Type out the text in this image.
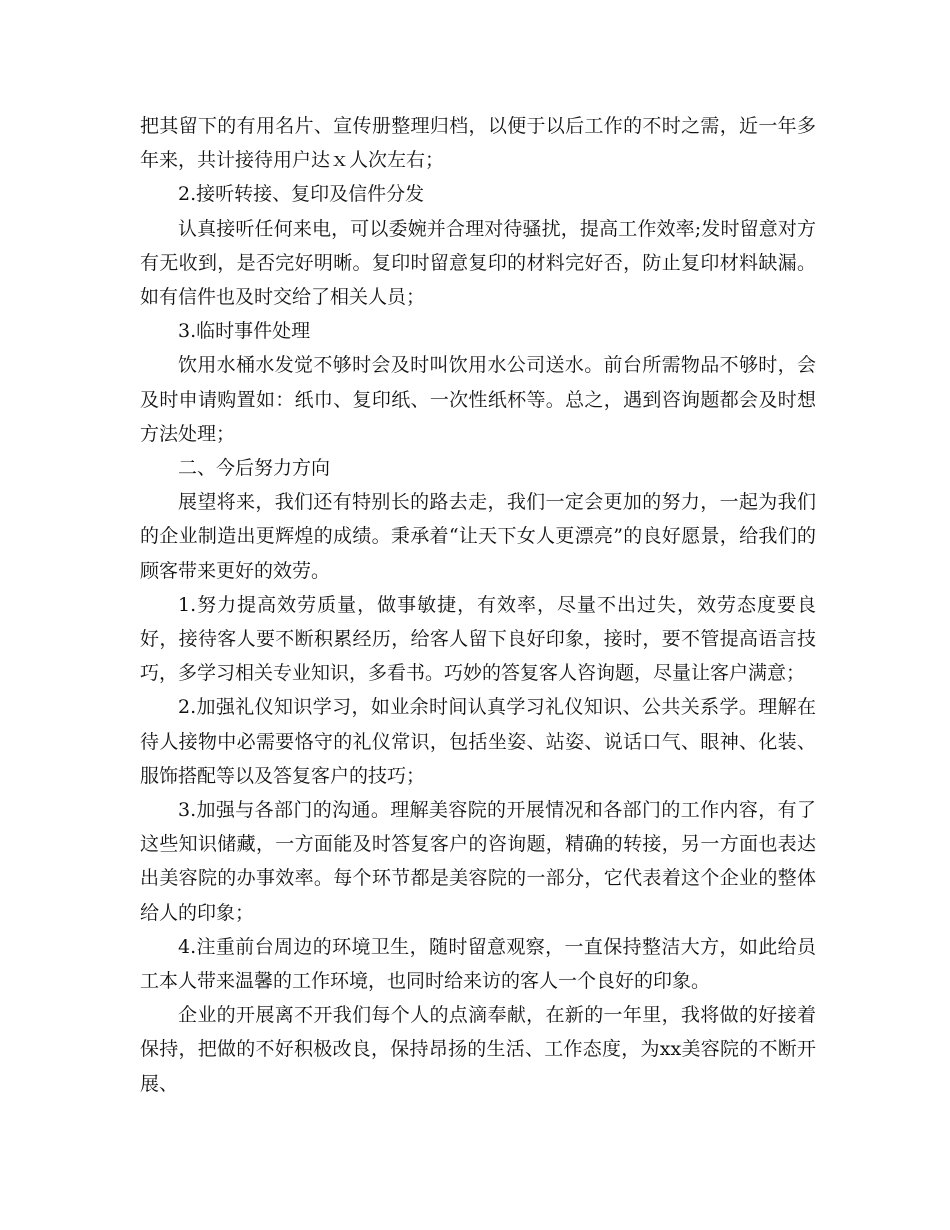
把其留下的有用名片、宣传册整理归档，以便于以后工作的不时之需，近一年多年来，共计接待用户达ｘ人次左右；

2.接听转接、复印及信件分发

认真接听任何来电，可以委婉并合理对待骚扰，提高工作效率;发时留意对方有无收到，是否完好明晰。复印时留意复印的材料完好否，防止复印材料缺漏。如有信件也及时交给了相关人员；

3.临时事件处理

饮用水桶水发觉不够时会及时叫饮用水公司送水。前台所需物品不够时，会及时申请购置如：纸巾、复印纸、一次性纸杯等。总之，遇到咨询题都会及时想方法处理；

二、今后努力方向

展望将来，我们还有特别长的路去走，我们一定会更加的努力，一起为我们的企业制造出更辉煌的成绩。秉承着“让天下女人更漂亮”的良好愿景，给我们的顾客带来更好的效劳。

1.努力提高效劳质量，做事敏捷，有效率，尽量不出过失，效劳态度要良好，接待客人要不断积累经历，给客人留下良好印象，接时，要不管提高语言技巧，多学习相关专业知识，多看书。巧妙的答复客人咨询题，尽量让客户满意；

2.加强礼仪知识学习，如业余时间认真学习礼仪知识、公共关系学。理解在待人接物中必需要恪守的礼仪常识，包括坐姿、站姿、说话口气、眼神、化装、服饰搭配等以及答复客户的技巧；

3.加强与各部门的沟通。理解美容院的开展情况和各部门的工作内容，有了这些知识储藏，一方面能及时答复客户的咨询题，精确的转接，另一方面也表达出美容院的办事效率。每个环节都是美容院的一部分，它代表着这个企业的整体给人的印象；

4.注重前台周边的环境卫生，随时留意观察，一直保持整洁大方，如此给员工本人带来温馨的工作环境，也同时给来访的客人一个良好的印象。

企业的开展离不开我们每个人的点滴奉献，在新的一年里，我将做的好接着保持，把做的不好积极改良，保持昂扬的生活、工作态度，为xx美容院的不断开展、
